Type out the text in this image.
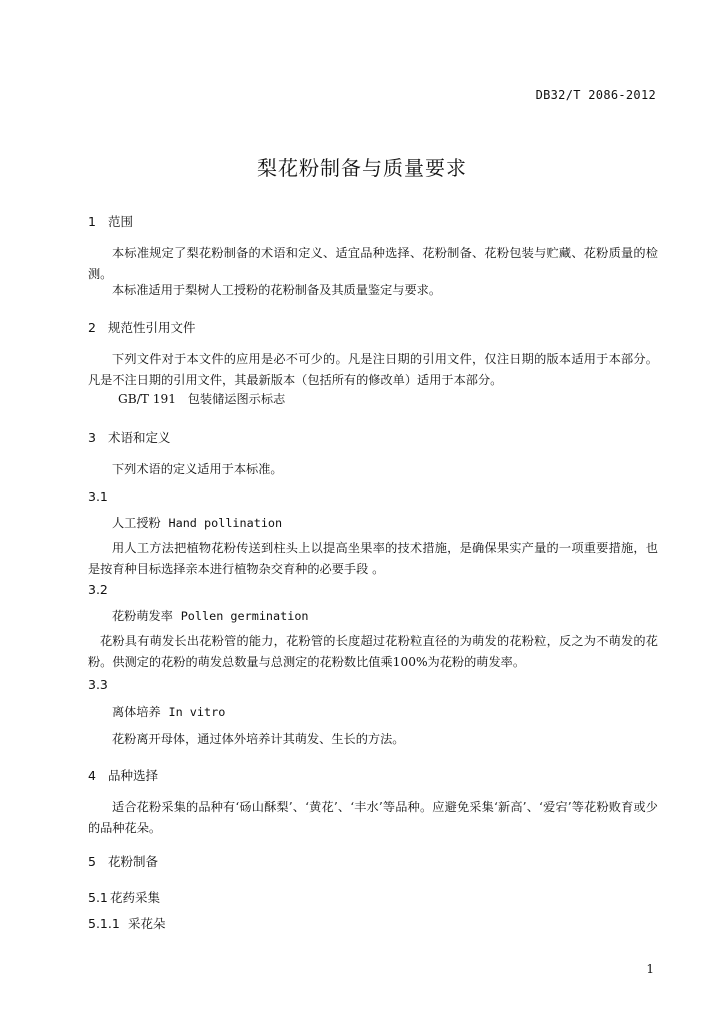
DB32/T 2086-2012
梨花粉制备与质量要求
1 范围
本标准规定了梨花粉制备的术语和定义、适宜品种选择、花粉制备、花粉包装与贮藏、花粉质量的检测。
本标准适用于梨树人工授粉的花粉制备及其质量鉴定与要求。
2 规范性引用文件
下列文件对于本文件的应用是必不可少的。凡是注日期的引用文件，仅注日期的版本适用于本部分。凡是不注日期的引用文件，其最新版本（包括所有的修改单）适用于本部分。
GB/T 191 包装储运图示标志
3 术语和定义
下列术语的定义适用于本标准。
3.1
人工授粉 Hand pollination
用人工方法把植物花粉传送到柱头上以提高坐果率的技术措施，是确保果实产量的一项重要措施，也是按育种目标选择亲本进行植物杂交育种的必要手段 。
3.2
花粉萌发率 Pollen germination
花粉具有萌发长出花粉管的能力，花粉管的长度超过花粉粒直径的为萌发的花粉粒，反之为不萌发的花粉。供测定的花粉的萌发总数量与总测定的花粉数比值乘100%为花粉的萌发率。
3.3
离体培养 In vitro
花粉离开母体，通过体外培养计其萌发、生长的方法。
4 品种选择
适合花粉采集的品种有‘砀山酥梨’、‘黄花’、‘丰水’等品种。应避免采集‘新高’、‘爱宕’等花粉败育或少的品种花朵。
5 花粉制备
5.1 花药采集
5.1.1 采花朵
1
